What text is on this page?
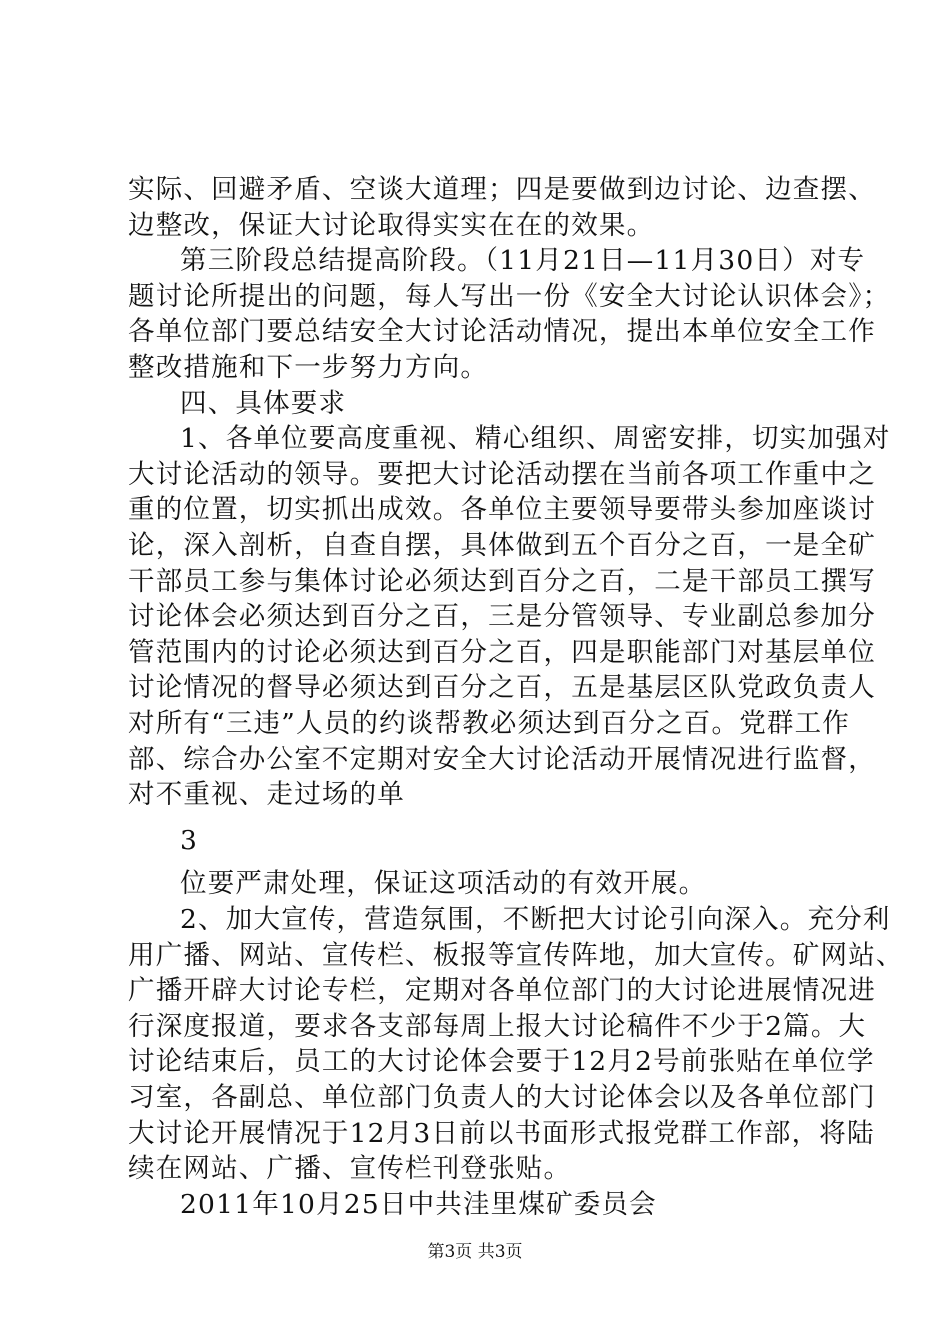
实际、回避矛盾、空谈大道理；四是要做到边讨论、边查摆、
边整改，保证大讨论取得实实在在的效果。
第三阶段总结提高阶段。（11月21日—11月30日）对专
题讨论所提出的问题，每人写出一份《安全大讨论认识体会》；
各单位部门要总结安全大讨论活动情况，提出本单位安全工作
整改措施和下一步努力方向。
四、具体要求
1、各单位要高度重视、精心组织、周密安排，切实加强对
大讨论活动的领导。要把大讨论活动摆在当前各项工作重中之
重的位置，切实抓出成效。各单位主要领导要带头参加座谈讨
论，深入剖析，自查自摆，具体做到五个百分之百，一是全矿
干部员工参与集体讨论必须达到百分之百，二是干部员工撰写
讨论体会必须达到百分之百，三是分管领导、专业副总参加分
管范围内的讨论必须达到百分之百，四是职能部门对基层单位
讨论情况的督导必须达到百分之百，五是基层区队党政负责人
对所有“三违”人员的约谈帮教必须达到百分之百。党群工作
部、综合办公室不定期对安全大讨论活动开展情况进行监督，
对不重视、走过场的单
3
位要严肃处理，保证这项活动的有效开展。
2、加大宣传，营造氛围，不断把大讨论引向深入。充分利
用广播、网站、宣传栏、板报等宣传阵地，加大宣传。矿网站、
广播开辟大讨论专栏，定期对各单位部门的大讨论进展情况进
行深度报道，要求各支部每周上报大讨论稿件不少于2篇。大
讨论结束后，员工的大讨论体会要于12月2号前张贴在单位学
习室，各副总、单位部门负责人的大讨论体会以及各单位部门
大讨论开展情况于12月3日前以书面形式报党群工作部，将陆
续在网站、广播、宣传栏刊登张贴。
2011年10月25日中共洼里煤矿委员会
第3页 共3页
